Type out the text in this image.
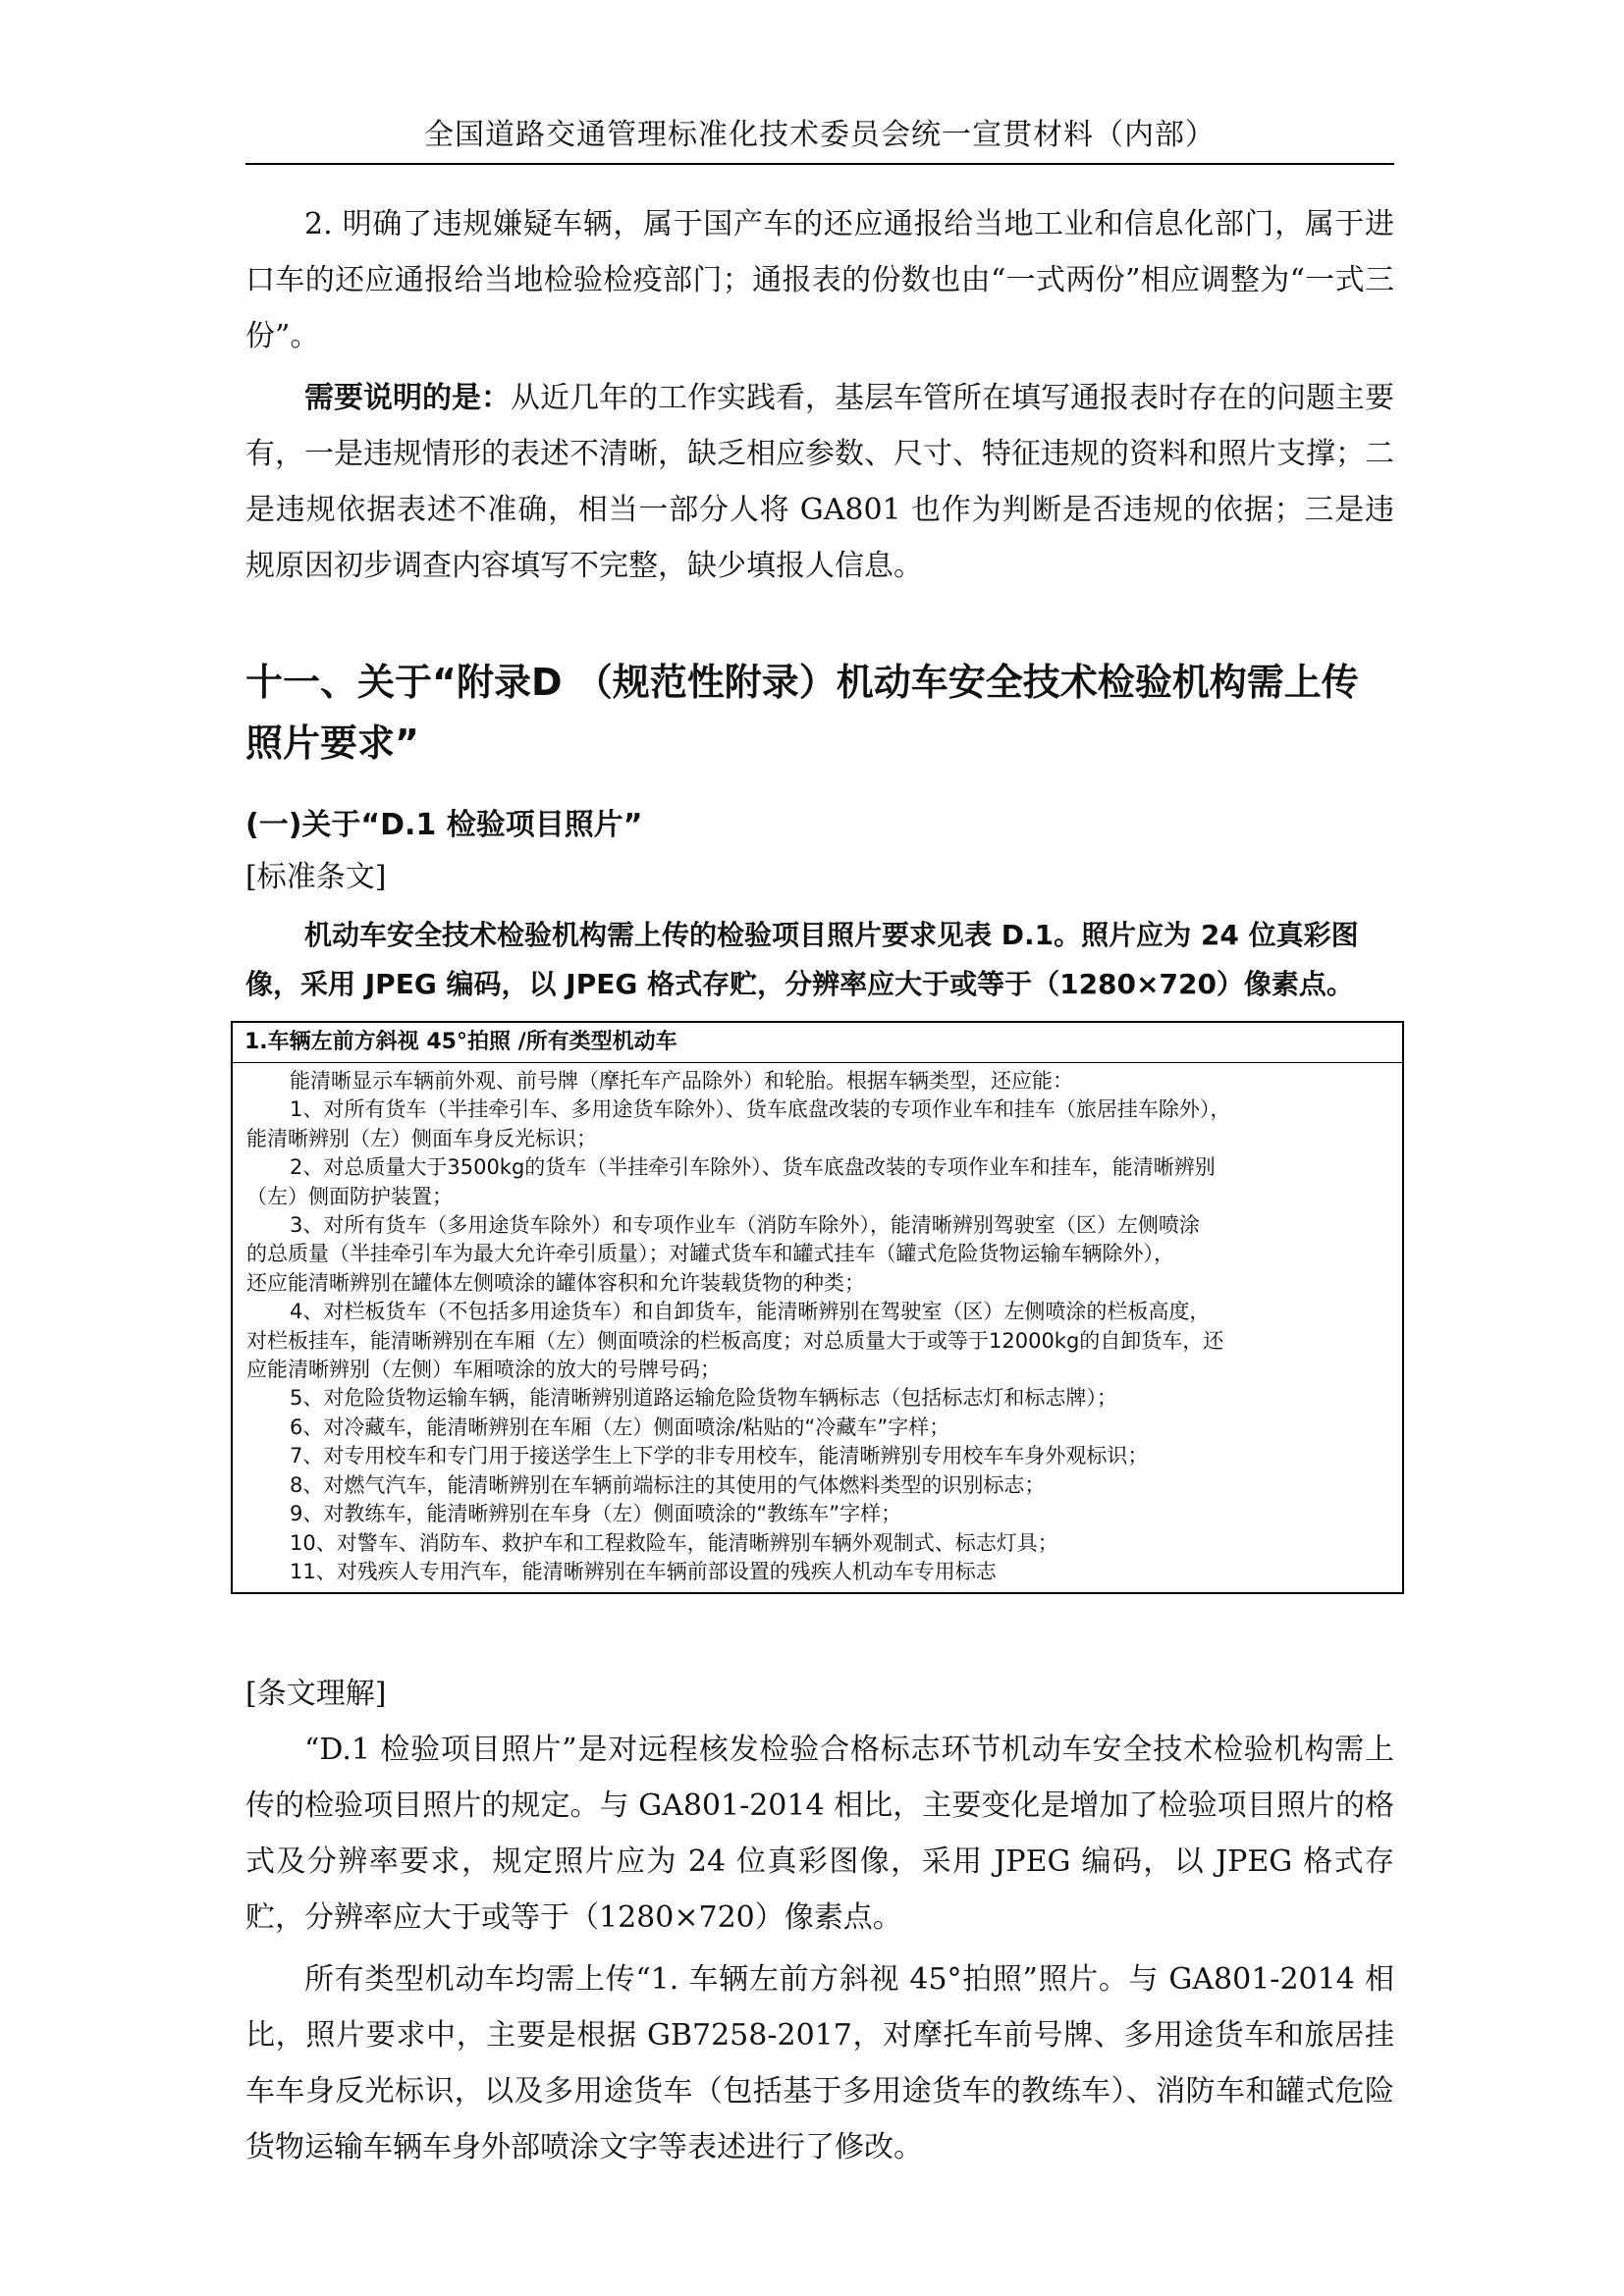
全国道路交通管理标准化技术委员会统一宣贯材料（内部）

2. 明确了违规嫌疑车辆，属于国产车的还应通报给当地工业和信息化部门，属于进口车的还应通报给当地检验检疫部门；通报表的份数也由“一式两份”相应调整为“一式三份”。

需要说明的是：从近几年的工作实践看，基层车管所在填写通报表时存在的问题主要有，一是违规情形的表述不清晰，缺乏相应参数、尺寸、特征违规的资料和照片支撑；二是违规依据表述不准确，相当一部分人将 GA801 也作为判断是否违规的依据；三是违规原因初步调查内容填写不完整，缺少填报人信息。

十一、关于“附录D （规范性附录）机动车安全技术检验机构需上传照片要求”
(一)关于“D.1 检验项目照片”
[标准条文]

机动车安全技术检验机构需上传的检验项目照片要求见表 D.1。照片应为 24 位真彩图像，采用 JPEG 编码，以 JPEG 格式存贮，分辨率应大于或等于（1280×720）像素点。

1.车辆左前方斜视 45°拍照 /所有类型机动车

能清晰显示车辆前外观、前号牌（摩托车产品除外）和轮胎。根据车辆类型，还应能：

1、对所有货车（半挂牵引车、多用途货车除外）、货车底盘改装的专项作业车和挂车（旅居挂车除外），

能清晰辨别（左）侧面车身反光标识；

2、对总质量大于3500kg的货车（半挂牵引车除外）、货车底盘改装的专项作业车和挂车，能清晰辨别

（左）侧面防护装置；

3、对所有货车（多用途货车除外）和专项作业车（消防车除外），能清晰辨别驾驶室（区）左侧喷涂

的总质量（半挂牵引车为最大允许牵引质量）；对罐式货车和罐式挂车（罐式危险货物运输车辆除外），

还应能清晰辨别在罐体左侧喷涂的罐体容积和允许装载货物的种类；

4、对栏板货车（不包括多用途货车）和自卸货车，能清晰辨别在驾驶室（区）左侧喷涂的栏板高度，

对栏板挂车，能清晰辨别在车厢（左）侧面喷涂的栏板高度；对总质量大于或等于12000kg的自卸货车，还

应能清晰辨别（左侧）车厢喷涂的放大的号牌号码；

5、对危险货物运输车辆，能清晰辨别道路运输危险货物车辆标志（包括标志灯和标志牌）；

6、对冷藏车，能清晰辨别在车厢（左）侧面喷涂/粘贴的“冷藏车”字样；

7、对专用校车和专门用于接送学生上下学的非专用校车，能清晰辨别专用校车车身外观标识；

8、对燃气汽车，能清晰辨别在车辆前端标注的其使用的气体燃料类型的识别标志；

9、对教练车，能清晰辨别在车身（左）侧面喷涂的“教练车”字样；

10、对警车、消防车、救护车和工程救险车，能清晰辨别车辆外观制式、标志灯具；

11、对残疾人专用汽车，能清晰辨别在车辆前部设置的残疾人机动车专用标志

[条文理解]

“D.1 检验项目照片”是对远程核发检验合格标志环节机动车安全技术检验机构需上传的检验项目照片的规定。与 GA801-2014 相比，主要变化是增加了检验项目照片的格式及分辨率要求，规定照片应为 24 位真彩图像，采用 JPEG 编码，以 JPEG 格式存贮，分辨率应大于或等于（1280×720）像素点。

所有类型机动车均需上传“1. 车辆左前方斜视 45°拍照”照片。与 GA801-2014 相比，照片要求中，主要是根据 GB7258-2017，对摩托车前号牌、多用途货车和旅居挂车车身反光标识，以及多用途货车（包括基于多用途货车的教练车）、消防车和罐式危险货物运输车辆车身外部喷涂文字等表述进行了修改。
